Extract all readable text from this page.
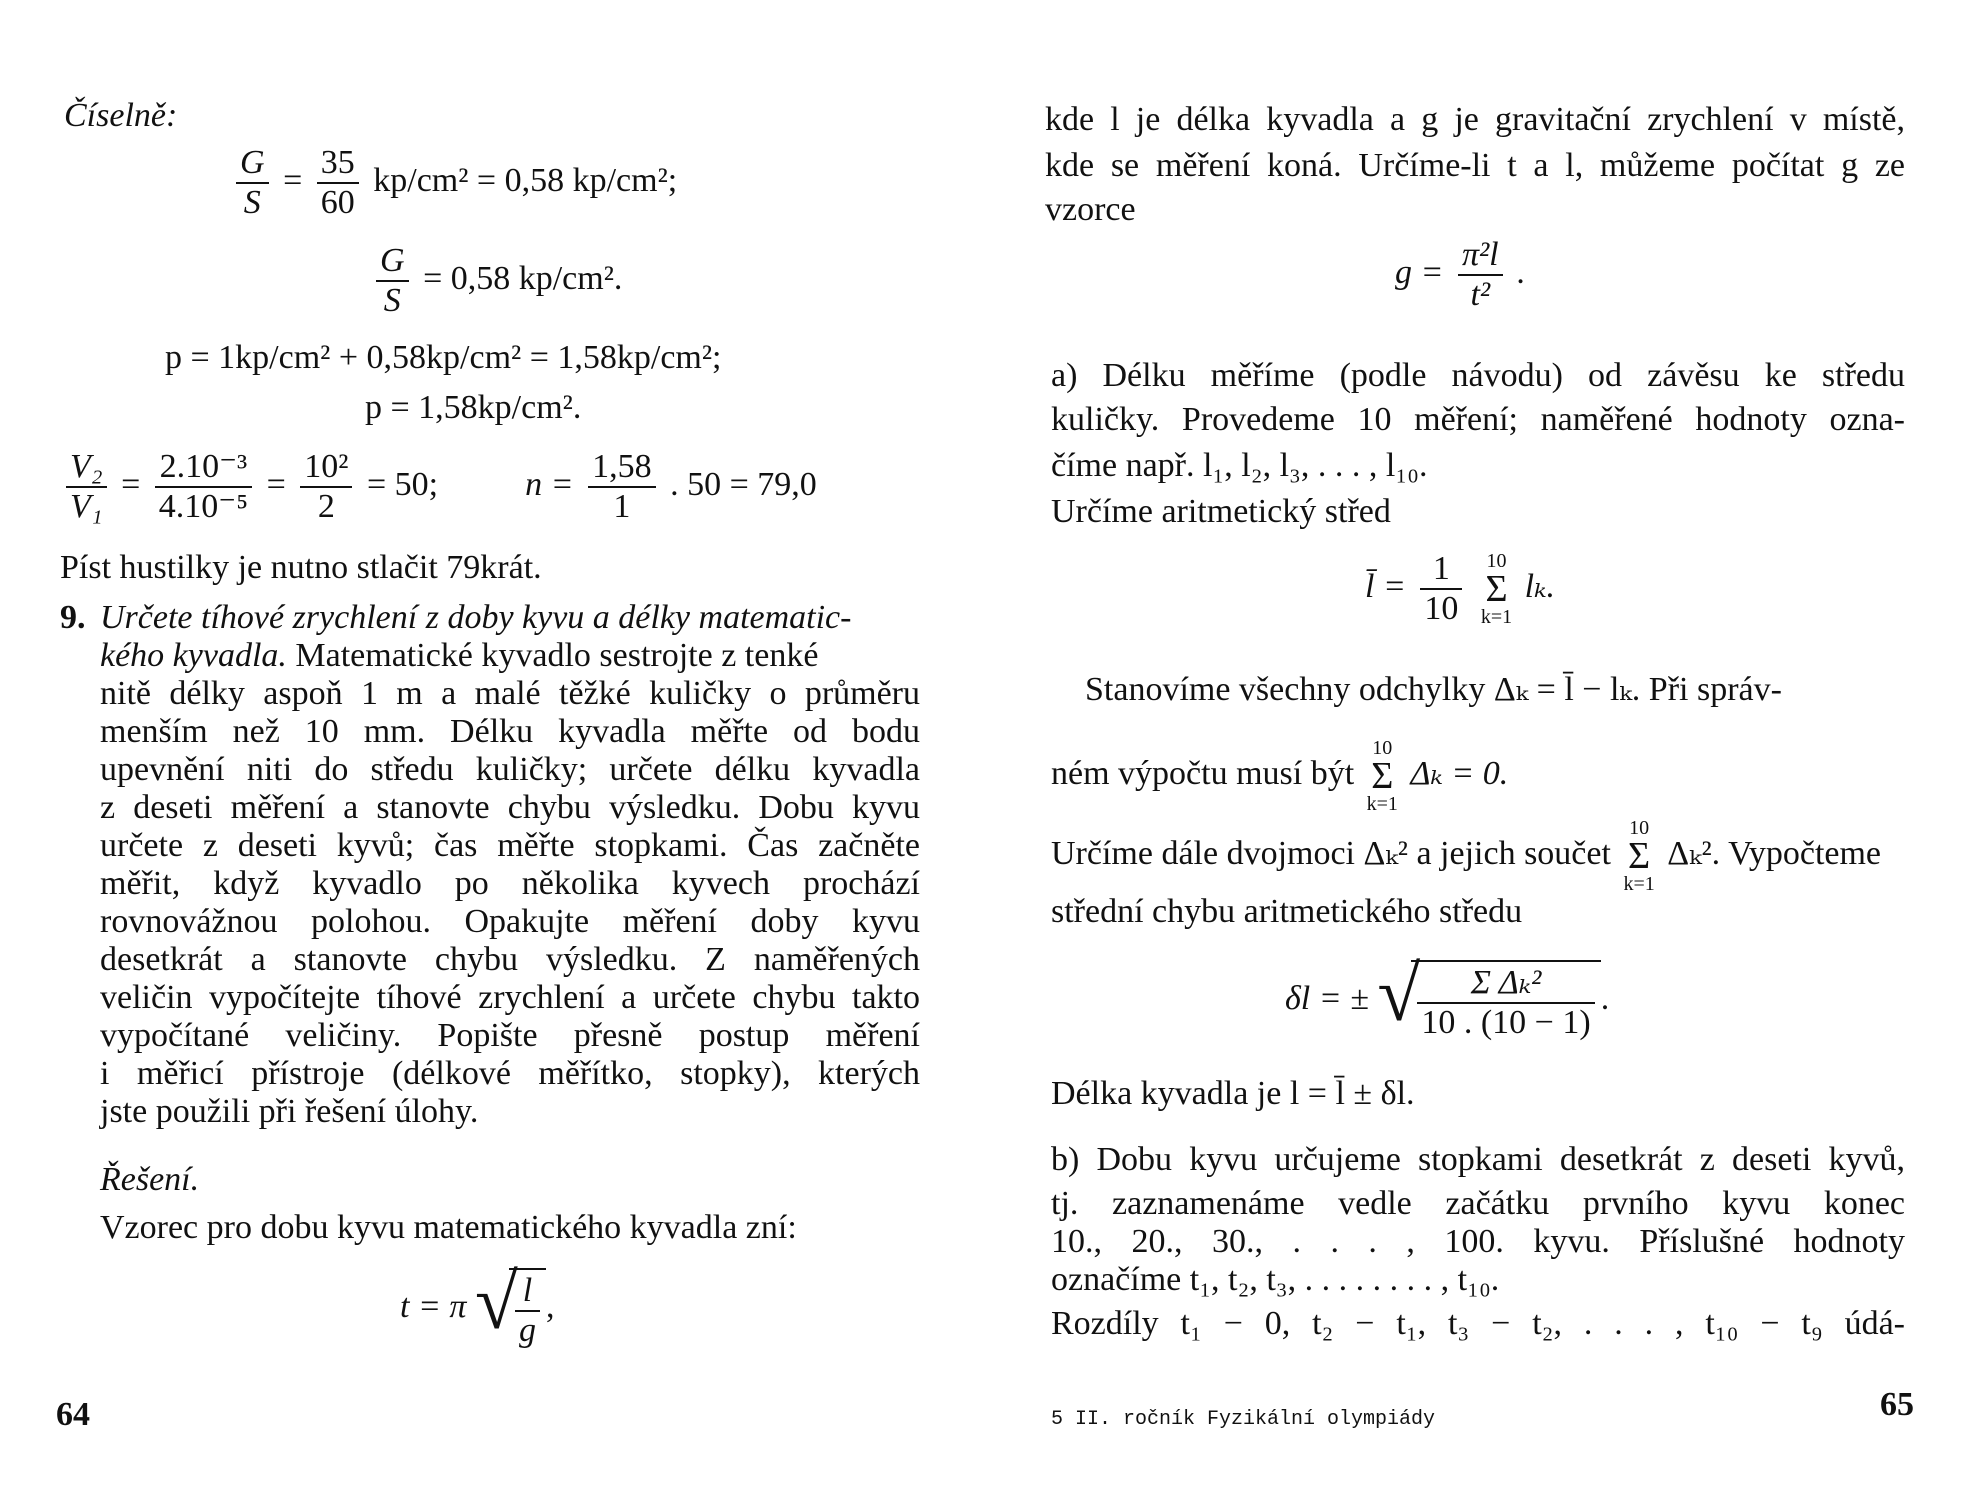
Číselně:
$\frac{G}{S} = \frac{35}{60} kp/cm^2 = 0,58$ kp/cm²;
$\frac{G}{S} = 0,58$ kp/cm².
p = 1kp/cm² + 0,58kp/cm² = 1,58kp/cm²;
p = 1,58kp/cm².
$\frac{\text{V₂}}{\text{V₁}} = \frac{\text{2.10⁻³}}{\text{4.10⁻⁵}} = \frac{\text{10²}}{2} = 50$;	$n = \frac{1,58}{1}$ . 50 = 79,0
Píst hustilky je nutno stlačit 79krát.
9. Určete tíhové zrychlení z doby kyvu a délky matematic-
kého kyvadla. Matematické kyvadlo sestrojte z tenké
nitě délky aspoň 1 m a malé těžké kuličky o průměru
menším než 10 mm. Délku kyvadla měřte od bodu
upevnění niti do středu kuličky; určete délku kyvadla
z deseti měření a stanovte chybu výsledku. Dobu kyvu
určete z deseti kyvů; čas měřte stopkami. Čas začněte
měřit, když kyvadlo po několika kyvech prochází
rovnovážnou polohou. Opakujte měření doby kyvu
desetkrát a stanovte chybu výsledku. Z naměřených
veličin vypočítejte tíhové zrychlení a určete chybu takto
vypočítané veličiny. Popište přesně postup měření
i měřicí přístroje (délkové měřítko, stopky), kterých
jste použili při řešení úlohy.
Řešení.
Vzorec pro dobu kyvu matematického kyvadla zní:
t = π √
$\frac{l}{g}$ ,
64
kde l je délka kyvadla a g je gravitační zrychlení v místě,
kde se měření koná. Určíme-li t a l, můžeme počítat g ze
vzorce
$g = \frac{\text{π²l}}{\text{t²}}$ .
a) Délku měříme (podle návodu) od závěsu ke středu
kuličky. Provedeme 10 měření; naměřené hodnoty ozna-
číme např. l₁, l₂, l₃, . . . , l₁₀.
Určíme aritmetický střed
l̄ = $\frac{1}{10}$
10
Σ
k=1
lₖ.
Stanovíme všechny odchylky Δₖ = l̄ − lₖ. Při správ-
ném výpočtu musí být
10
Σ
k=1
Δₖ = 0.
Určíme dále dvojmoci Δₖ² a jejich součet
10
Σ
k=1
Δₖ². Vypočteme
střední chybu aritmetického středu
δl = ± √
$\frac{\text{Σ Δₖ²}}{10 . (10 - 1)}$ .
Délka kyvadla je l = l̄ ± δl.
b) Dobu kyvu určujeme stopkami desetkrát z deseti kyvů,
tj. zaznamenáme vedle začátku prvního kyvu konec
10., 20., 30., . . . , 100. kyvu. Příslušné hodnoty
označíme t₁, t₂, t₃, . . . . . . . . , t₁₀.
Rozdíly t₁ − 0, t₂ − t₁, t₃ − t₂, . . . , t₁₀ − t₉ údá-
5 II. ročník Fyzikální olympiády	65
